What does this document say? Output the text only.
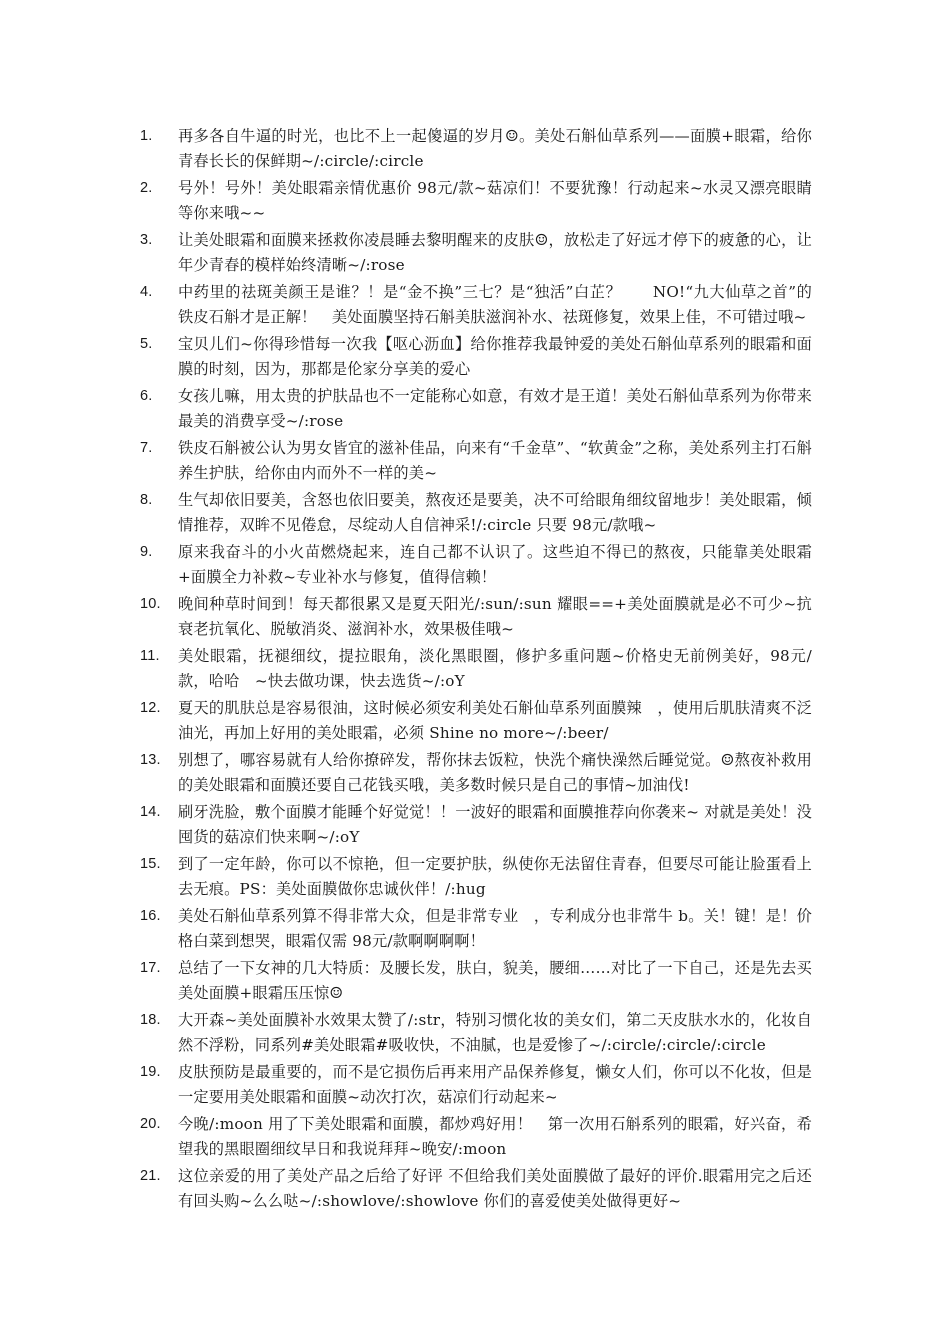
1.	再多各自牛逼的时光，也比不上一起傻逼的岁月☺。美处石斛仙草系列——面膜+眼霜，给你青春长长的保鲜期~/:circle/:circle
2.	号外！号外！美处眼霜亲情优惠价 98元/款~菇凉们！不要犹豫！行动起来~水灵又漂亮眼睛等你来哦~~
3.	让美处眼霜和面膜来拯救你凌晨睡去黎明醒来的皮肤☺，放松走了好远才停下的疲惫的心，让年少青春的模样始终清晰~/:rose
4.	中药里的祛斑美颜王是谁？！是“金不换”三七？是“独活”白芷？　　NO!“九大仙草之首”的铁皮石斛才是正解！　美处面膜坚持石斛美肤滋润补水、祛斑修复，效果上佳，不可错过哦~
5.	宝贝儿们~你得珍惜每一次我【呕心沥血】给你推荐我最钟爱的美处石斛仙草系列的眼霜和面膜的时刻，因为，那都是伦家分享美的爱心
6.	女孩儿嘛，用太贵的护肤品也不一定能称心如意，有效才是王道！美处石斛仙草系列为你带来最美的消费享受~/:rose
7.	铁皮石斛被公认为男女皆宜的滋补佳品，向来有“千金草”、“软黄金”之称，美处系列主打石斛养生护肤，给你由内而外不一样的美~
8.	生气却依旧要美，含怒也依旧要美，熬夜还是要美，决不可给眼角细纹留地步！美处眼霜，倾情推荐，双眸不见倦怠，尽绽动人自信神采!/:circle 只要 98元/款哦~
9.	原来我奋斗的小火苗燃烧起来，连自己都不认识了。这些迫不得已的熬夜，只能靠美处眼霜+面膜全力补救~专业补水与修复，值得信赖！
10.	晚间种草时间到！每天都很累又是夏天阳光/:sun/:sun 耀眼==+美处面膜就是必不可少~抗衰老抗氧化、脱敏消炎、滋润补水，效果极佳哦~
11.	美处眼霜，抚褪细纹，提拉眼角，淡化黑眼圈，修护多重问题~价格史无前例美好，98元/款，哈哈　~快去做功课，快去选货~/:oY
12.	夏天的肌肤总是容易很油，这时候必须安利美处石斛仙草系列面膜辣　，使用后肌肤清爽不泛油光，再加上好用的美处眼霜，必须 Shine no more~/:beer/
13.	别想了，哪容易就有人给你撩碎发，帮你抹去饭粒，快洗个痛快澡然后睡觉觉。☺熬夜补救用的美处眼霜和面膜还要自己花钱买哦，美多数时候只是自己的事情~加油伐!
14.	刷牙洗脸，敷个面膜才能睡个好觉觉！！一波好的眼霜和面膜推荐向你袭来~ 对就是美处！没囤货的菇凉们快来啊~/:oY
15.	到了一定年龄，你可以不惊艳，但一定要护肤，纵使你无法留住青春，但要尽可能让脸蛋看上去无痕。PS：美处面膜做你忠诚伙伴！/:hug
16.	美处石斛仙草系列算不得非常大众，但是非常专业　，专利成分也非常牛 b。关！键！是！价格白菜到想哭，眼霜仅需 98元/款啊啊啊啊！
17.	总结了一下女神的几大特质：及腰长发，肤白，貌美，腰细……对比了一下自己，还是先去买美处面膜+眼霜压压惊☺
18.	大开森~美处面膜补水效果太赞了/:str，特别习惯化妆的美女们，第二天皮肤水水的，化妆自然不浮粉，同系列#美处眼霜#吸收快，不油腻，也是爱惨了~/:circle/:circle/:circle
19.	皮肤预防是最重要的，而不是它损伤后再来用产品保养修复，懒女人们，你可以不化妆，但是一定要用美处眼霜和面膜~动次打次，菇凉们行动起来~
20.	今晚/:moon 用了下美处眼霜和面膜，都炒鸡好用！　第一次用石斛系列的眼霜，好兴奋，希望我的黑眼圈细纹早日和我说拜拜~晚安/:moon
21.	这位亲爱的用了美处产品之后给了好评 不但给我们美处面膜做了最好的评价.眼霜用完之后还有回头购~么么哒~/:showlove/:showlove 你们的喜爱使美处做得更好~
